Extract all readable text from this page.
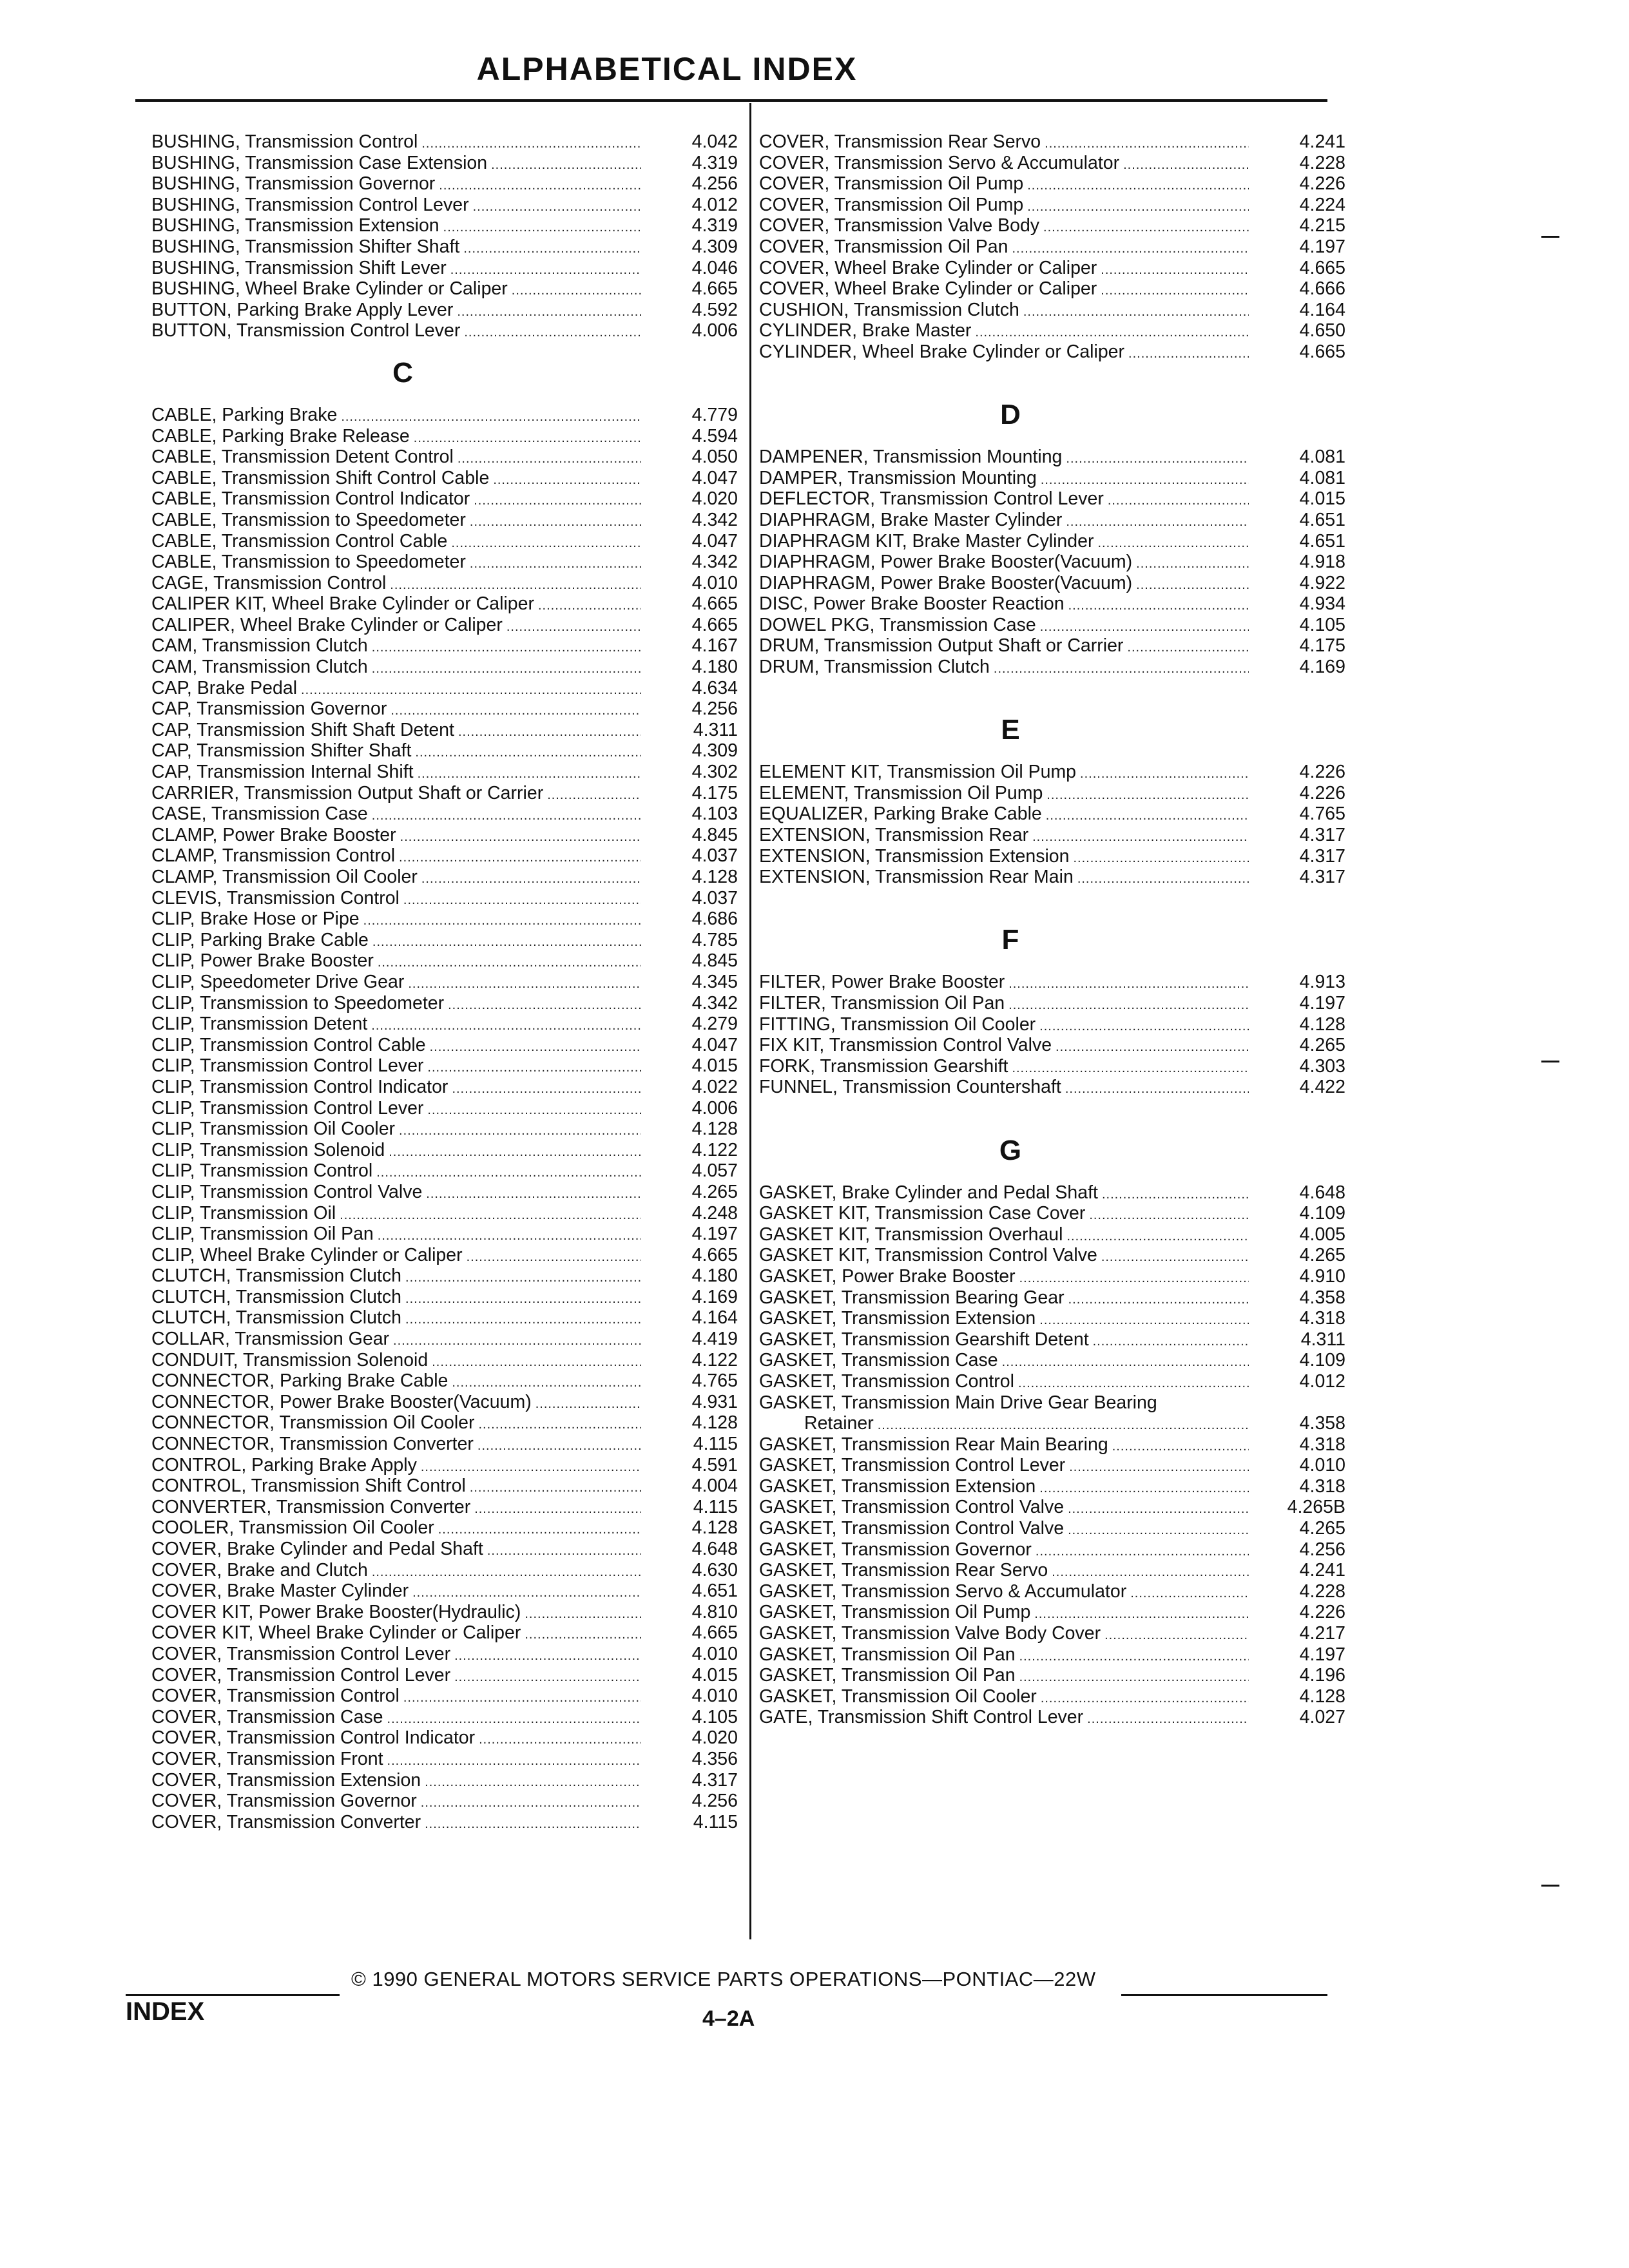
ALPHABETICAL INDEX
BUSHING, Transmission Control .....	4.042
BUSHING, Transmission Case Extension .....	4.319
BUSHING, Transmission Governor .....	4.256
BUSHING, Transmission Control Lever .....	4.012
BUSHING, Transmission Extension .....	4.319
BUSHING, Transmission Shifter Shaft .....	4.309
BUSHING, Transmission Shift Lever .....	4.046
BUSHING, Wheel Brake Cylinder or Caliper .....	4.665
BUTTON, Parking Brake Apply Lever .....	4.592
BUTTON, Transmission Control Lever .....	4.006
C
CABLE, Parking Brake .....	4.779
CABLE, Parking Brake Release .....	4.594
CABLE, Transmission Detent Control .....	4.050
CABLE, Transmission Shift Control Cable .....	4.047
CABLE, Transmission Control Indicator .....	4.020
CABLE, Transmission to Speedometer .....	4.342
CABLE, Transmission Control Cable .....	4.047
CABLE, Transmission to Speedometer .....	4.342
CAGE, Transmission Control .....	4.010
CALIPER KIT, Wheel Brake Cylinder or Caliper .....	4.665
CALIPER, Wheel Brake Cylinder or Caliper .....	4.665
CAM, Transmission Clutch .....	4.167
CAM, Transmission Clutch .....	4.180
CAP, Brake Pedal .....	4.634
CAP, Transmission Governor .....	4.256
CAP, Transmission Shift Shaft Detent .....	4.311
CAP, Transmission Shifter Shaft .....	4.309
CAP, Transmission Internal Shift .....	4.302
CARRIER, Transmission Output Shaft or Carrier .....	4.175
CASE, Transmission Case .....	4.103
CLAMP, Power Brake Booster .....	4.845
CLAMP, Transmission Control .....	4.037
CLAMP, Transmission Oil Cooler .....	4.128
CLEVIS, Transmission Control .....	4.037
CLIP, Brake Hose or Pipe .....	4.686
CLIP, Parking Brake Cable .....	4.785
CLIP, Power Brake Booster .....	4.845
CLIP, Speedometer Drive Gear .....	4.345
CLIP, Transmission to Speedometer .....	4.342
CLIP, Transmission Detent .....	4.279
CLIP, Transmission Control Cable .....	4.047
CLIP, Transmission Control Lever .....	4.015
CLIP, Transmission Control Indicator .....	4.022
CLIP, Transmission Control Lever .....	4.006
CLIP, Transmission Oil Cooler .....	4.128
CLIP, Transmission Solenoid .....	4.122
CLIP, Transmission Control .....	4.057
CLIP, Transmission Control Valve .....	4.265
CLIP, Transmission Oil .....	4.248
CLIP, Transmission Oil Pan .....	4.197
CLIP, Wheel Brake Cylinder or Caliper .....	4.665
CLUTCH, Transmission Clutch .....	4.180
CLUTCH, Transmission Clutch .....	4.169
CLUTCH, Transmission Clutch .....	4.164
COLLAR, Transmission Gear .....	4.419
CONDUIT, Transmission Solenoid .....	4.122
CONNECTOR, Parking Brake Cable .....	4.765
CONNECTOR, Power Brake Booster(Vacuum) .....	4.931
CONNECTOR, Transmission Oil Cooler .....	4.128
CONNECTOR, Transmission Converter .....	4.115
CONTROL, Parking Brake Apply .....	4.591
CONTROL, Transmission Shift Control .....	4.004
CONVERTER, Transmission Converter .....	4.115
COOLER, Transmission Oil Cooler .....	4.128
COVER, Brake Cylinder and Pedal Shaft .....	4.648
COVER, Brake and Clutch .....	4.630
COVER, Brake Master Cylinder .....	4.651
COVER KIT, Power Brake Booster(Hydraulic) .....	4.810
COVER KIT, Wheel Brake Cylinder or Caliper .....	4.665
COVER, Transmission Control Lever .....	4.010
COVER, Transmission Control Lever .....	4.015
COVER, Transmission Control .....	4.010
COVER, Transmission Case .....	4.105
COVER, Transmission Control Indicator .....	4.020
COVER, Transmission Front .....	4.356
COVER, Transmission Extension .....	4.317
COVER, Transmission Governor .....	4.256
COVER, Transmission Converter .....	4.115
COVER, Transmission Rear Servo .....	4.241
COVER, Transmission Servo & Accumulator .....	4.228
COVER, Transmission Oil Pump .....	4.226
COVER, Transmission Oil Pump .....	4.224
COVER, Transmission Valve Body .....	4.215
COVER, Transmission Oil Pan .....	4.197
COVER, Wheel Brake Cylinder or Caliper .....	4.665
COVER, Wheel Brake Cylinder or Caliper .....	4.666
CUSHION, Transmission Clutch .....	4.164
CYLINDER, Brake Master .....	4.650
CYLINDER, Wheel Brake Cylinder or Caliper .....	4.665
D
DAMPENER, Transmission Mounting .....	4.081
DAMPER, Transmission Mounting .....	4.081
DEFLECTOR, Transmission Control Lever .....	4.015
DIAPHRAGM, Brake Master Cylinder .....	4.651
DIAPHRAGM KIT, Brake Master Cylinder .....	4.651
DIAPHRAGM, Power Brake Booster(Vacuum) .....	4.918
DIAPHRAGM, Power Brake Booster(Vacuum) .....	4.922
DISC, Power Brake Booster Reaction .....	4.934
DOWEL PKG, Transmission Case .....	4.105
DRUM, Transmission Output Shaft or Carrier .....	4.175
DRUM, Transmission Clutch .....	4.169
E
ELEMENT KIT, Transmission Oil Pump .....	4.226
ELEMENT, Transmission Oil Pump .....	4.226
EQUALIZER, Parking Brake Cable .....	4.765
EXTENSION, Transmission Rear .....	4.317
EXTENSION, Transmission Extension .....	4.317
EXTENSION, Transmission Rear Main .....	4.317
F
FILTER, Power Brake Booster .....	4.913
FILTER, Transmission Oil Pan .....	4.197
FITTING, Transmission Oil Cooler .....	4.128
FIX KIT, Transmission Control Valve .....	4.265
FORK, Transmission Gearshift .....	4.303
FUNNEL, Transmission Countershaft .....	4.422
G
GASKET, Brake Cylinder and Pedal Shaft .....	4.648
GASKET KIT, Transmission Case Cover .....	4.109
GASKET KIT, Transmission Overhaul .....	4.005
GASKET KIT, Transmission Control Valve .....	4.265
GASKET, Power Brake Booster .....	4.910
GASKET, Transmission Bearing Gear .....	4.358
GASKET, Transmission Extension .....	4.318
GASKET, Transmission Gearshift Detent .....	4.311
GASKET, Transmission Case .....	4.109
GASKET, Transmission Control .....	4.012
GASKET, Transmission Main Drive Gear Bearing
Retainer .....	4.358
GASKET, Transmission Rear Main Bearing .....	4.318
GASKET, Transmission Control Lever .....	4.010
GASKET, Transmission Extension .....	4.318
GASKET, Transmission Control Valve .....	4.265B
GASKET, Transmission Control Valve .....	4.265
GASKET, Transmission Governor .....	4.256
GASKET, Transmission Rear Servo .....	4.241
GASKET, Transmission Servo & Accumulator .....	4.228
GASKET, Transmission Oil Pump .....	4.226
GASKET, Transmission Valve Body Cover .....	4.217
GASKET, Transmission Oil Pan .....	4.197
GASKET, Transmission Oil Pan .....	4.196
GASKET, Transmission Oil Cooler .....	4.128
GATE, Transmission Shift Control Lever .....	4.027
© 1990 GENERAL MOTORS SERVICE PARTS OPERATIONS—PONTIAC—22W
INDEX	4–2A
